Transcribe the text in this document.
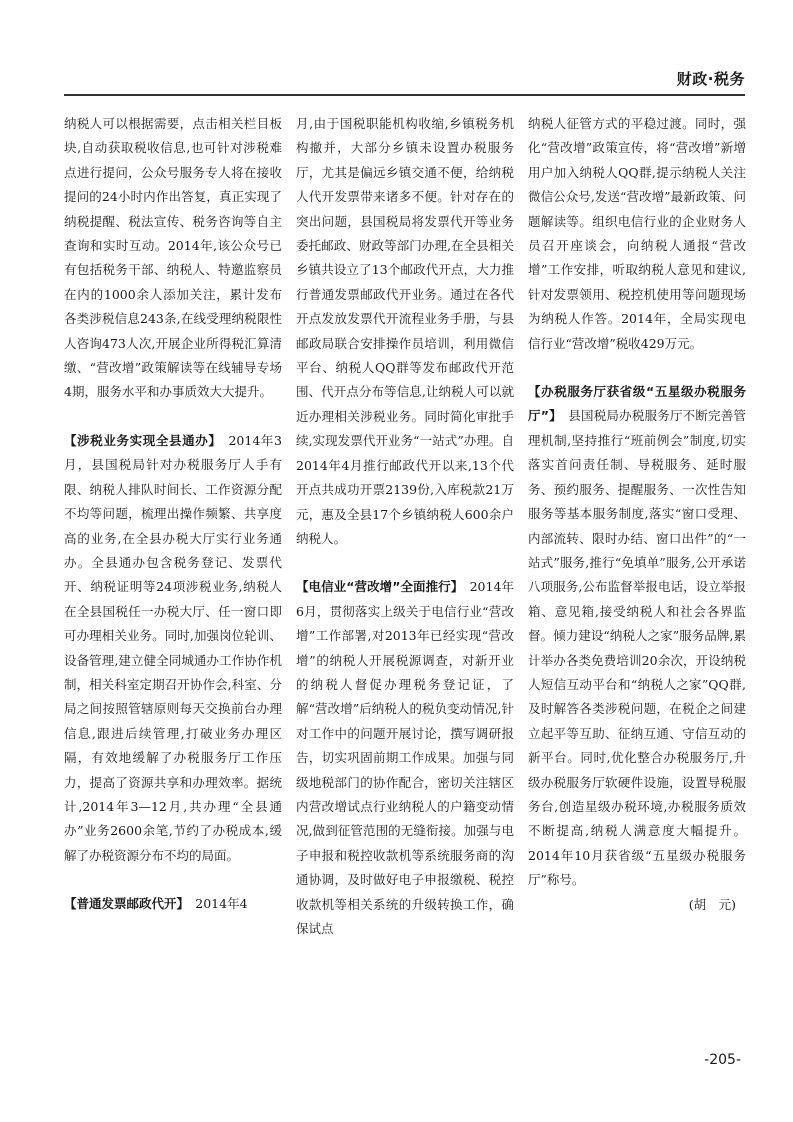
财政·税务

纳税人可以根据需要，点击相关栏目板块,自动获取税收信息,也可针对涉税难点进行提问，公众号服务专人将在接收提问的24小时内作出答复，真正实现了纳税提醒、税法宣传、税务咨询等自主查询和实时互动。2014年,该公众号已有包括税务干部、纳税人、特邀监察员在内的1000余人添加关注，累计发布各类涉税信息243条,在线受理纳税限性人咨询473人次,开展企业所得税汇算清缴、“营改增”政策解读等在线辅导专场4期，服务水平和办事质效大大提升。

【涉税业务实现全县通办】　 2014年3月，县国税局针对办税服务厅人手有限、纳税人排队时间长、工作资源分配不均等问题，梳理出操作频繁、共享度高的业务,在全县办税大厅实行业务通办。全县通办包含税务登记、发票代开、纳税证明等24项涉税业务,纳税人在全县国税任一办税大厅、任一窗口即可办理相关业务。同时,加强岗位轮训、设备管理,建立健全同城通办工作协作机制，相关科室定期召开协作会,科室、分局之间按照管辖原则每天交换前台办理信息,跟进后续管理,打破业务办理区隔，有效地缓解了办税服务厅工作压力，提高了资源共享和办理效率。据统计,2014年3—12月,共办理“全县通办”业务2600余笔,节约了办税成本,缓解了办税资源分布不均的局面。

【普通发票邮政代开】　 2014年4

月,由于国税职能机构收缩,乡镇税务机构撤并，大部分乡镇未设置办税服务厅，尤其是偏远乡镇交通不便，给纳税人代开发票带来诸多不便。针对存在的突出问题，县国税局将发票代开等业务委托邮政、财政等部门办理,在全县相关乡镇共设立了13个邮政代开点，大力推行普通发票邮政代开业务。通过在各代开点发放发票代开流程业务手册，与县邮政局联合安排操作员培训，利用微信平台、纳税人QQ群等发布邮政代开范围、代开点分布等信息,让纳税人可以就近办理相关涉税业务。同时简化审批手续,实现发票代开业务“一站式”办理。自2014年4月推行邮政代开以来,13个代开点共成功开票2139份,入库税款21万元，惠及全县17个乡镇纳税人600余户纳税人。

【电信业“营改增”全面推行】　 2014年6月，贯彻落实上级关于电信行业“营改增”工作部署,对2013年已经实现“营改增”的纳税人开展税源调查，对新开业的纳税人督促办理税务登记证，了解“营改增”后纳税人的税负变动情况,针对工作中的问题开展讨论，撰写调研报告，切实巩固前期工作成果。加强与同级地税部门的协作配合，密切关注辖区内营改增试点行业纳税人的户籍变动情况,做到征管范围的无缝衔接。加强与电子申报和税控收款机等系统服务商的沟通协调，及时做好电子申报缴税、税控收款机等相关系统的升级转换工作，确保试点

纳税人征管方式的平稳过渡。同时，强化“营改增”政策宣传，将“营改增”新增用户加入纳税人QQ群,提示纳税人关注微信公众号,发送“营改增”最新政策、问题解读等。组织电信行业的企业财务人员召开座谈会，向纳税人通报“营改增”工作安排，听取纳税人意见和建议,针对发票领用、税控机使用等问题现场为纳税人作答。2014年，全局实现电信行业“营改增”税收429万元。

【办税服务厅获省级“五星级办税服务厅”】　 县国税局办税服务厅不断完善管理机制,坚持推行“班前例会”制度,切实落实首问责任制、导税服务、延时服务、预约服务、提醒服务、一次性告知服务等基本服务制度,落实“窗口受理、内部流转、限时办结、窗口出件”的“一站式”服务,推行“免填单”服务,公开承诺八项服务,公布监督举报电话，设立举报箱、意见箱,接受纳税人和社会各界监督。倾力建设“纳税人之家”服务品牌,累计举办各类免费培训20余次，开设纳税人短信互动平台和“纳税人之家”QQ群,及时解答各类涉税问题，在税企之间建立起平等互助、征纳互通、守信互动的新平台。同时,优化整合办税服务厅,升级办税服务厅软硬件设施，设置导税服务台,创造星级办税环境,办税服务质效不断提高,纳税人满意度大幅提升。2014年10月获省级“五星级办税服务厅”称号。

(胡　元)

-205-
